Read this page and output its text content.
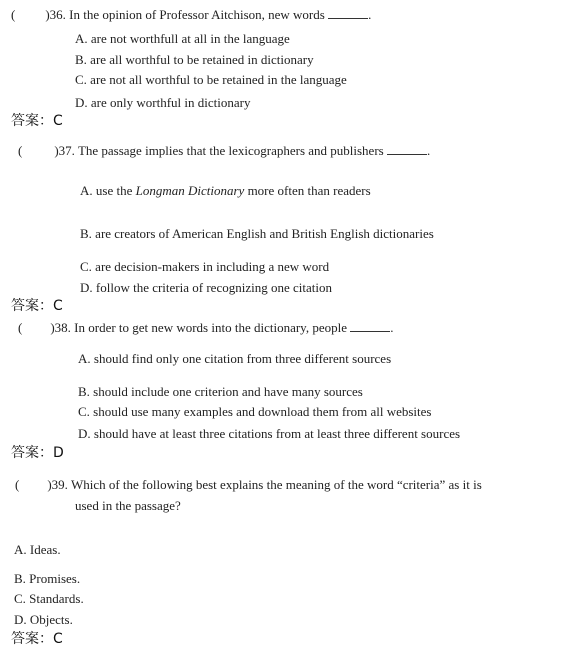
( )36. In the opinion of Professor Aitchison, new words	.
A. are not worthfull at all in the language
B. are all worthful to be retained in dictionary
C. are not all worthful to be retained in the language
D. are only worthful in dictionary
答案：C
( )37. The passage implies that the lexicographers and publishers	.
A. use the Longman Dictionary more often than readers
B. are creators of American English and British English dictionaries
C. are decision-makers in including a new word
D. follow the criteria of recognizing one citation
答案：C
( )38. In order to get new words into the dictionary, people	.
A. should find only one citation from three different sources
B. should include one criterion and have many sources
C. should use many examples and download them from all websites
D. should have at least three citations from at least three different sources
答案：D
( )39. Which of the following best explains the meaning of the word “criteria” as it is
used in the passage?
A. Ideas.
B. Promises.
C. Standards.
D. Objects.
答案：C
